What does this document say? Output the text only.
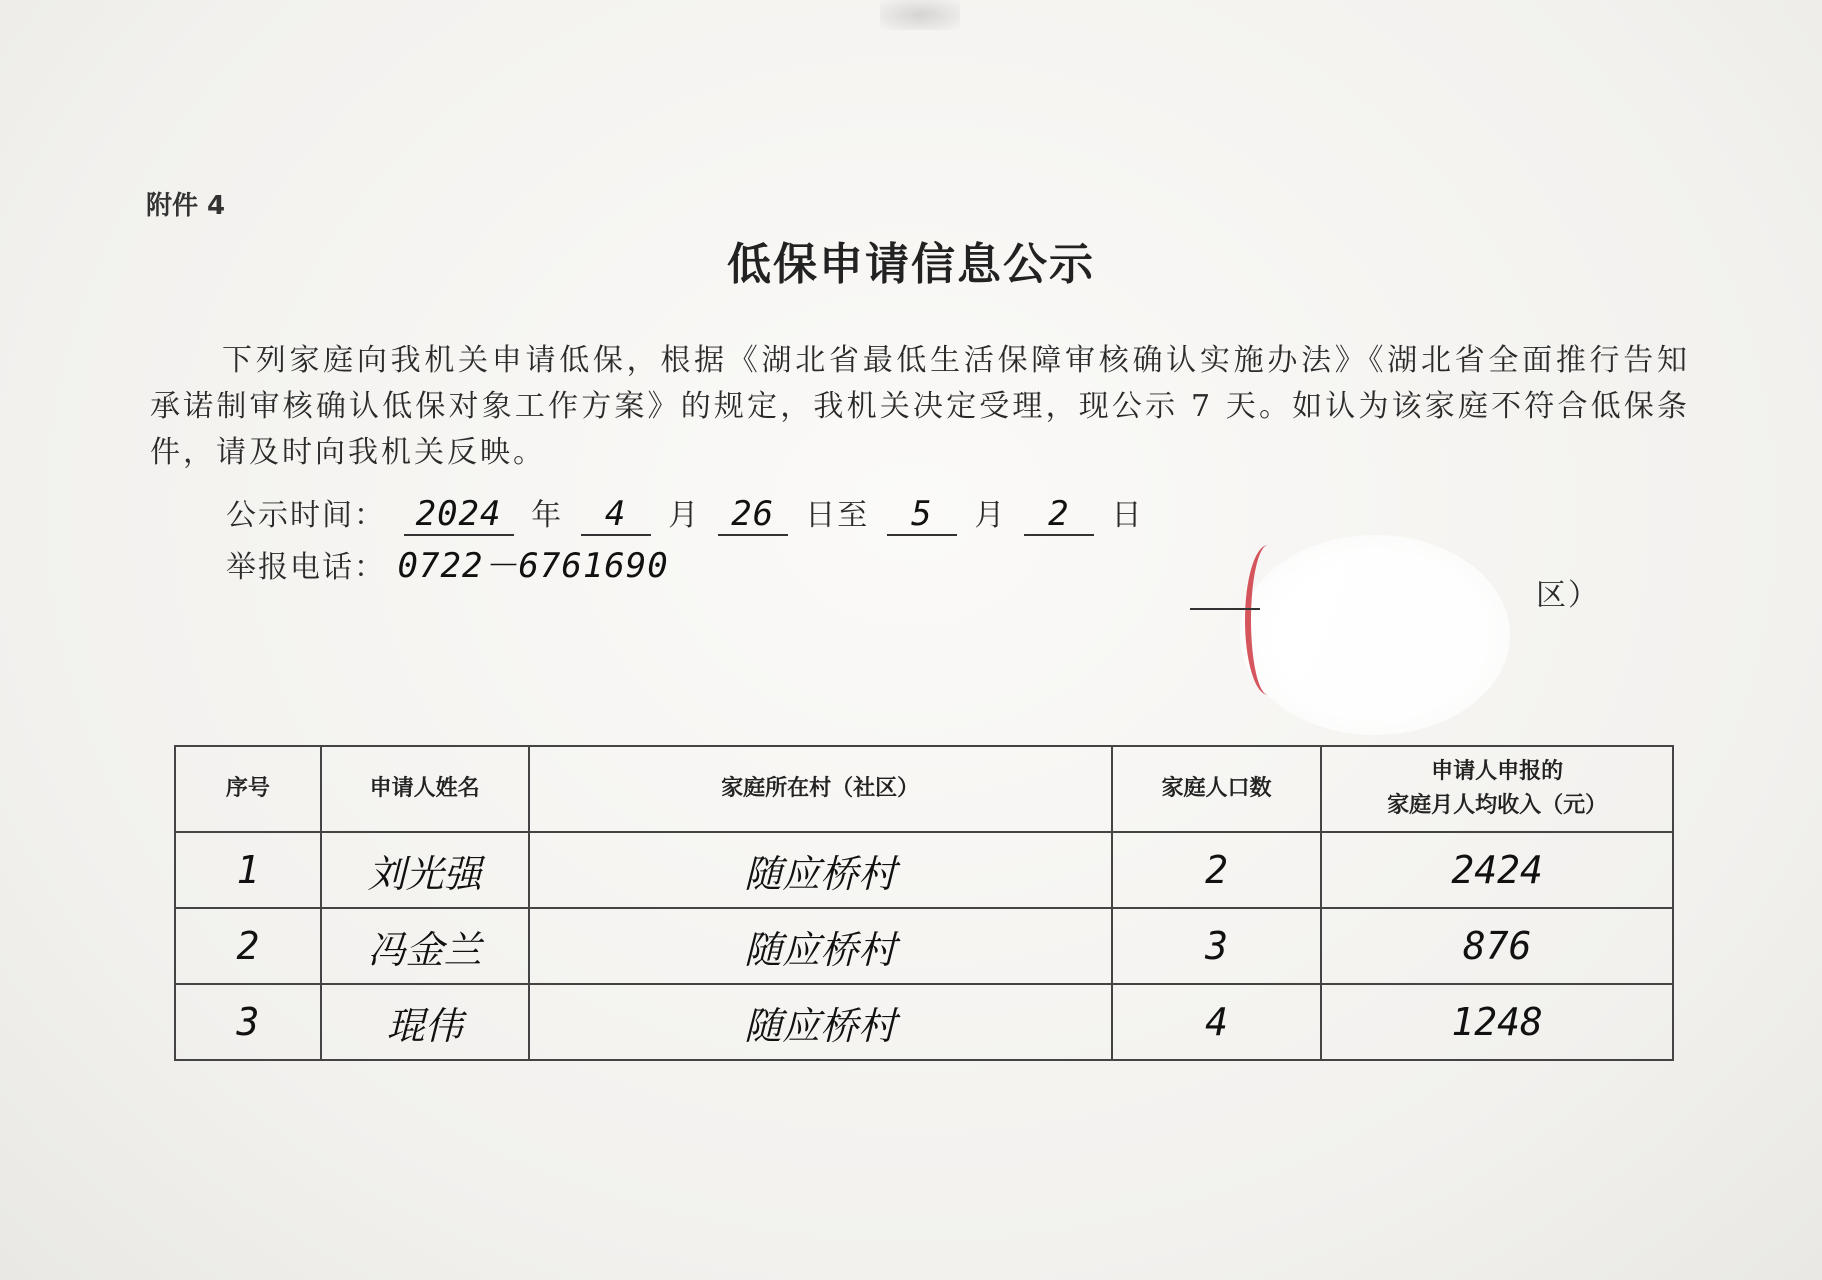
附件 4
低保申请信息公示
下列家庭向我机关申请低保，根据《湖北省最低生活保障审核确认实施办法》《湖北省全面推行告知承诺制审核确认低保对象工作方案》的规定，我机关决定受理，现公示 7 天。如认为该家庭不符合低保条件，请及时向我机关反映。
公示时间： 2024 年 4 月 26 日至 5 月 2 日
举报电话： 0722－6761690
区）
序号	申请人姓名	家庭所在村（社区）	家庭人口数	申请人申报的
家庭月人均收入（元）
1	刘光强	随应桥村	2	2424
2	冯金兰	随应桥村	3	876
3	琨伟	随应桥村	4	1248
